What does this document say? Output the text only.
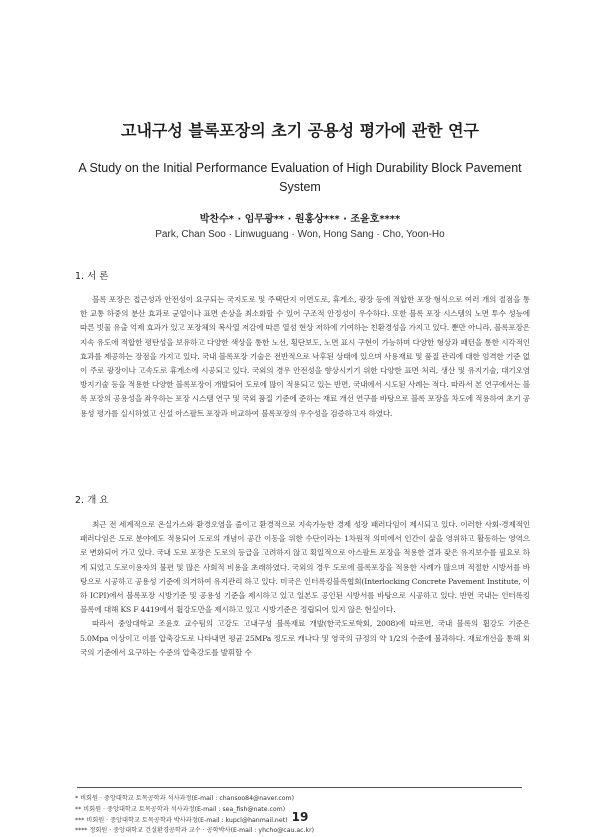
고내구성 블록포장의 초기 공용성 평가에 관한 연구
A Study on the Initial Performance Evaluation of High Durability Block Pavement System
박찬수* · 임무광** · 원홍상*** · 조윤호****
Park, Chan Soo · Linwuguang · Won, Hong Sang · Cho, Yoon-Ho
1. 서 론

블록 포장은 접근성과 안전성이 요구되는 국지도로 및 주택단지 이면도로, 휴게소, 광장 등에 적합한 포장 형식으로 여러 개의 절점을 통한 교통 하중의 분산 효과로 균열이나 표면 손상을 최소화할 수 있어 구조적 안정성이 우수하다. 또한 블록 포장 시스템의 노면 투수 성능에 따른 빗물 유출 억제 효과가 있고 포장체의 복사열 저감에 따른 열섬 현상 저하에 기여하는 친환경성을 가지고 있다. 뿐만 아니라, 블록포장은 지속 유도에 적합한 평탄성을 보유하고 다양한 색상을 통한 노선, 횡단보도, 노면 표시 구현이 가능하며 다양한 형상과 패턴을 통한 시각적인 효과를 제공하는 장점을 가지고 있다. 국내 블록포장 기술은 전반적으로 낙후된 상태에 있으며 사용재료 및 품질 관리에 대한 엄격한 기준 없이 주로 광장이나 고속도로 휴게소에 시공되고 있다. 국외의 경우 안전성을 향상시키기 위한 다양한 표면 처리, 생산 및 유지기술, 대기오염 방지기술 등을 적용한 다양한 블록포장이 개발되어 도로에 많이 적용되고 있는 반면, 국내에서 시도된 사례는 적다. 따라서 본 연구에서는 블록 포장의 공용성을 좌우하는 포장 시스템 연구 및 국외 품질 기준에 준하는 재료 개선 연구를 바탕으로 블록 포장을 차도에 적용하여 초기 공용성 평가를 실시하였고 신설 아스팔트 포장과 비교하여 블록포장의 우수성을 검증하고자 하였다.

2. 개 요

최근 전 세계적으로 온실가스와 환경오염을 줄이고 환경적으로 지속가능한 경제 성장 패러다임이 제시되고 있다. 이러한 사회·경제적인 패러다임은 도로 분야에도 적용되어 도로의 개념이 공간 이동을 위한 수단이라는 1차원적 의미에서 인간이 삶을 영위하고 활동하는 영역으로 변화되어 가고 있다. 국내 도로 포장은 도로의 등급을 고려하지 않고 획일적으로 아스팔트 포장을 적용한 결과 잦은 유지보수를 필요로 하게 되었고 도로이용자의 불편 및 많은 사회적 비용을 초래하였다. 국외의 경우 도로에 블록포장을 적용한 사례가 많으며 적절한 시방서를 바탕으로 시공하고 공용성 기준에 의거하여 유지관리 하고 있다. 미국은 인터록킹블록협회(Interlocking Concrete Pavement Institute, 이하 ICPI)에서 블록포장 시방기준 및 공용성 기준을 제시하고 있고 일본도 공인된 시방서를 바탕으로 시공하고 있다. 반면 국내는 인터록킹 블록에 대해 KS F 4419에서 휨강도만을 제시하고 있고 시방기준은 정립되어 있지 않은 현실이다.

따라서 중앙대학교 조윤호 교수팀의 고강도 고내구성 블록재료 개발(한국도로학회, 2008)에 따르면, 국내 블록의 휨강도 기준은 5.0Mpa 이상이고 이를 압축강도로 나타내면 평균 25MPa 정도로 캐나다 및 영국의 규정의 약 1/2의 수준에 불과하다. 재료개선을 통해 외국의 기준에서 요구하는 수준의 압축강도를 발휘할 수

* 비회원 · 중앙대학교 토목공학과 석사과정(E-mail : chansoo84@naver.com)
** 비회원 · 중앙대학교 토목공학과 석사과정(E-mail : sea_fish@nate.com)
*** 비회원 · 중앙대학교 토목공학과 박사과정(E-mail : kupcl@hanmail.net)
**** 정회원 · 중앙대학교 건설환경공학과 교수 · 공학박사(E-mail : yhcho@cau.ac.kr)
19
